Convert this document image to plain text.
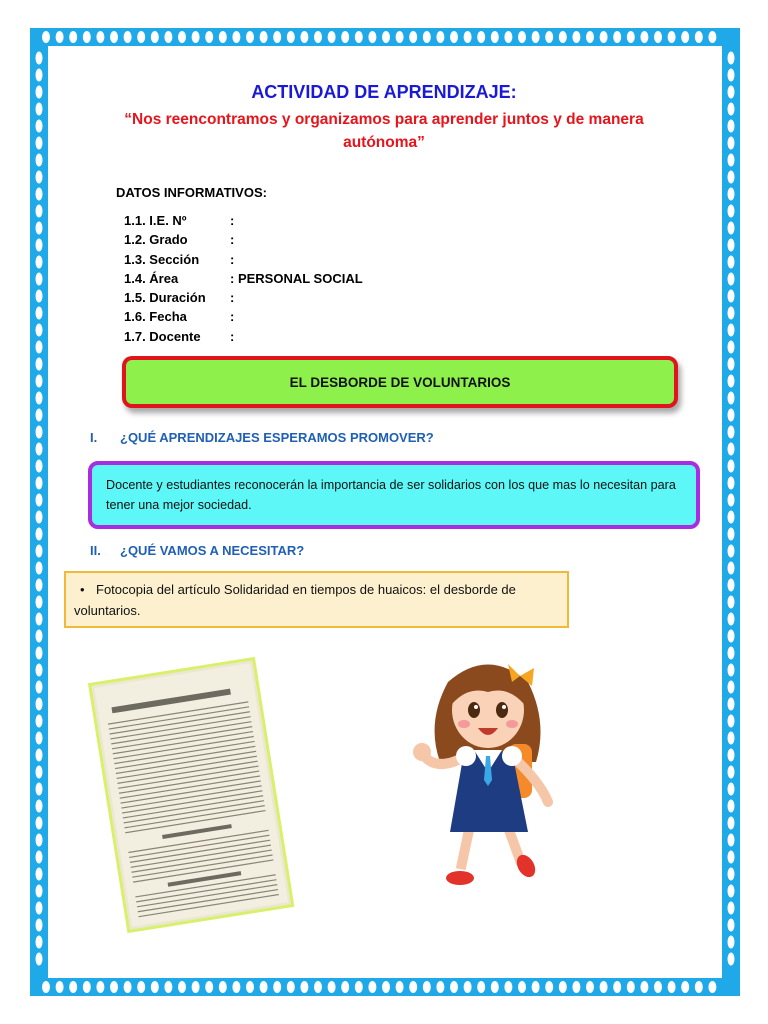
ACTIVIDAD DE APRENDIZAJE:
“Nos reencontramos y organizamos para aprender juntos y de manera autónoma”
DATOS INFORMATIVOS:
1.1. I.E. Nº	:
1.2. Grado	:
1.3. Sección :
1.4. Área	: PERSONAL SOCIAL
1.5. Duración :
1.6. Fecha	:
1.7. Docente :
EL DESBORDE DE VOLUNTARIOS
I. ¿QUÉ APRENDIZAJES ESPERAMOS PROMOVER?
Docente y estudiantes reconocerán la importancia de ser solidarios con los que mas lo necesitan para tener una mejor sociedad.
II. ¿QUÉ VAMOS A NECESITAR?
• Fotocopia del artículo Solidaridad en tiempos de huaicos: el desborde de voluntarios.
